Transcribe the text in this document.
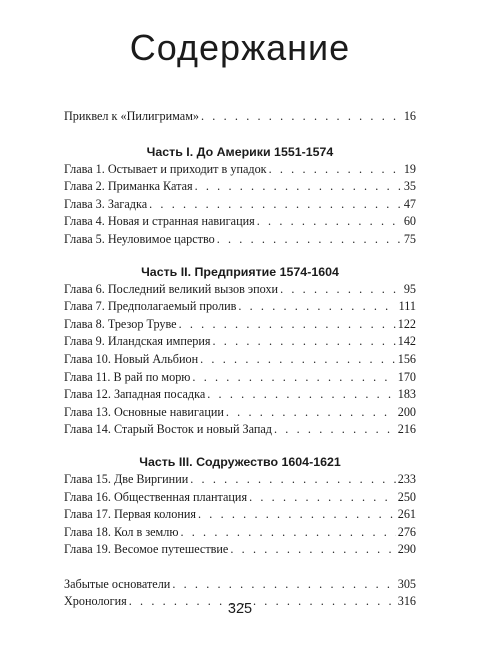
Содержание
Приквел к «Пилигримам» . . .	16
Часть I. До Америки 1551-1574
Глава 1. Остывает и приходит в упадок . . .	19
Глава 2. Приманка Катая . . .	35
Глава 3. Загадка . . .	47
Глава 4. Новая и странная навигация . . .	60
Глава 5. Неуловимое царство . . .	75
Часть II. Предприятие 1574-1604
Глава 6. Последний великий вызов эпохи . . .	95
Глава 7. Предполагаемый пролив . . .	111
Глава 8. Трезор Труве . . .	122
Глава 9. Иландская империя . . .	142
Глава 10. Новый Альбион . . .	156
Глава 11. В рай по морю . . .	170
Глава 12. Западная посадка . . .	183
Глава 13. Основные навигации . . .	200
Глава 14. Старый Восток и новый Запад . . .	216
Часть III. Содружество 1604-1621
Глава 15. Две Виргинии . . .	233
Глава 16. Общественная плантация . . .	250
Глава 17. Первая колония . . .	261
Глава 18. Кол в землю . . .	276
Глава 19. Весомое путешествие . . .	290
Забытые основатели . . .	305
Хронология . . .	316
325
